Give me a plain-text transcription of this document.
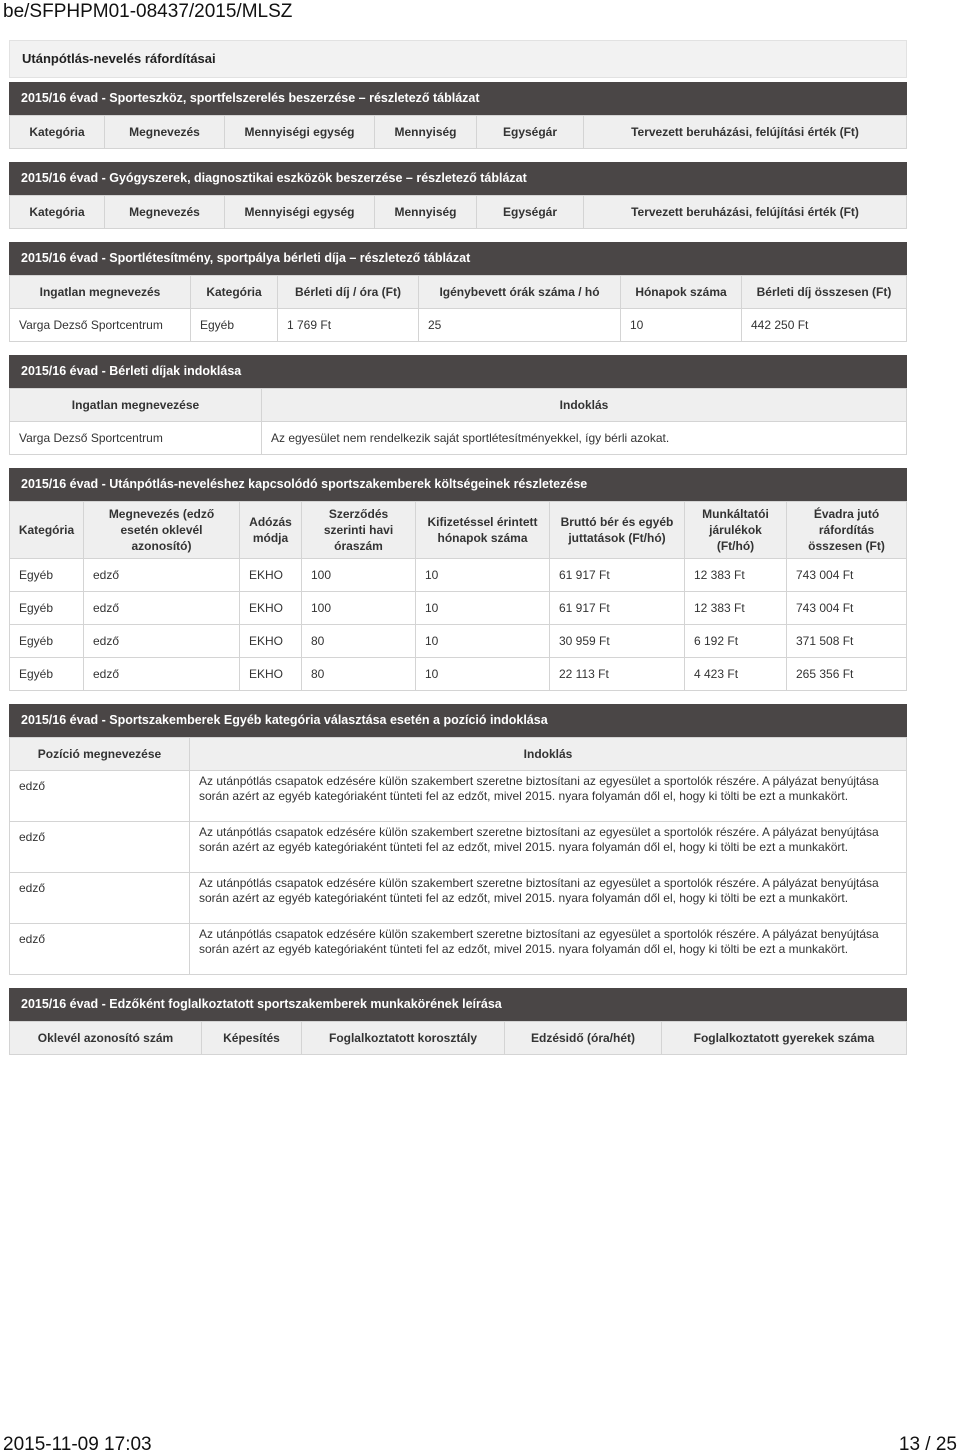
be/SFPHPM01-08437/2015/MLSZ
Utánpótlás-nevelés ráfordításai
2015/16 évad - Sporteszköz, sportfelszerelés beszerzése – részletező táblázat
Kategória	Megnevezés	Mennyiségi egység	Mennyiség	Egységár	Tervezett beruházási, felújítási érték (Ft)
2015/16 évad - Gyógyszerek, diagnosztikai eszközök beszerzése – részletező táblázat
Kategória	Megnevezés	Mennyiségi egység	Mennyiség	Egységár	Tervezett beruházási, felújítási érték (Ft)
2015/16 évad - Sportlétesítmény, sportpálya bérleti díja – részletező táblázat
Ingatlan megnevezés	Kategória	Bérleti díj / óra (Ft)	Igénybevett órák száma / hó	Hónapok száma	Bérleti díj összesen (Ft)
Varga Dezső Sportcentrum	Egyéb	1 769 Ft	25	10	442 250 Ft
2015/16 évad - Bérleti díjak indoklása
Ingatlan megnevezése	Indoklás
Varga Dezső Sportcentrum	Az egyesület nem rendelkezik saját sportlétesítményekkel, így bérli azokat.
2015/16 évad - Utánpótlás-neveléshez kapcsolódó sportszakemberek költségeinek részletezése
Kategória	Megnevezés (edző esetén oklevél azonosító)	Adózás módja	Szerződés szerinti havi óraszám	Kifizetéssel érintett hónapok száma	Bruttó bér és egyéb juttatások (Ft/hó)	Munkáltatói járulékok (Ft/hó)	Évadra jutó ráfordítás összesen (Ft)
Egyéb	edző	EKHO	100	10	61 917 Ft	12 383 Ft	743 004 Ft
Egyéb	edző	EKHO	100	10	61 917 Ft	12 383 Ft	743 004 Ft
Egyéb	edző	EKHO	80	10	30 959 Ft	6 192 Ft	371 508 Ft
Egyéb	edző	EKHO	80	10	22 113 Ft	4 423 Ft	265 356 Ft
2015/16 évad - Sportszakemberek Egyéb kategória választása esetén a pozíció indoklása
Pozíció megnevezése	Indoklás
edző	Az utánpótlás csapatok edzésére külön szakembert szeretne biztosítani az egyesület a sportolók részére. A pályázat benyújtása során azért az egyéb kategóriaként tünteti fel az edzőt, mivel 2015. nyara folyamán dől el, hogy ki tölti be ezt a munkakört.
edző	Az utánpótlás csapatok edzésére külön szakembert szeretne biztosítani az egyesület a sportolók részére. A pályázat benyújtása során azért az egyéb kategóriaként tünteti fel az edzőt, mivel 2015. nyara folyamán dől el, hogy ki tölti be ezt a munkakört.
edző	Az utánpótlás csapatok edzésére külön szakembert szeretne biztosítani az egyesület a sportolók részére. A pályázat benyújtása során azért az egyéb kategóriaként tünteti fel az edzőt, mivel 2015. nyara folyamán dől el, hogy ki tölti be ezt a munkakört.
edző	Az utánpótlás csapatok edzésére külön szakembert szeretne biztosítani az egyesület a sportolók részére. A pályázat benyújtása során azért az egyéb kategóriaként tünteti fel az edzőt, mivel 2015. nyara folyamán dől el, hogy ki tölti be ezt a munkakört.
2015/16 évad - Edzőként foglalkoztatott sportszakemberek munkakörének leírása
Oklevél azonosító szám	Képesítés	Foglalkoztatott korosztály	Edzésidő (óra/hét)	Foglalkoztatott gyerekek száma
2015-11-09 17:03	13 / 25
